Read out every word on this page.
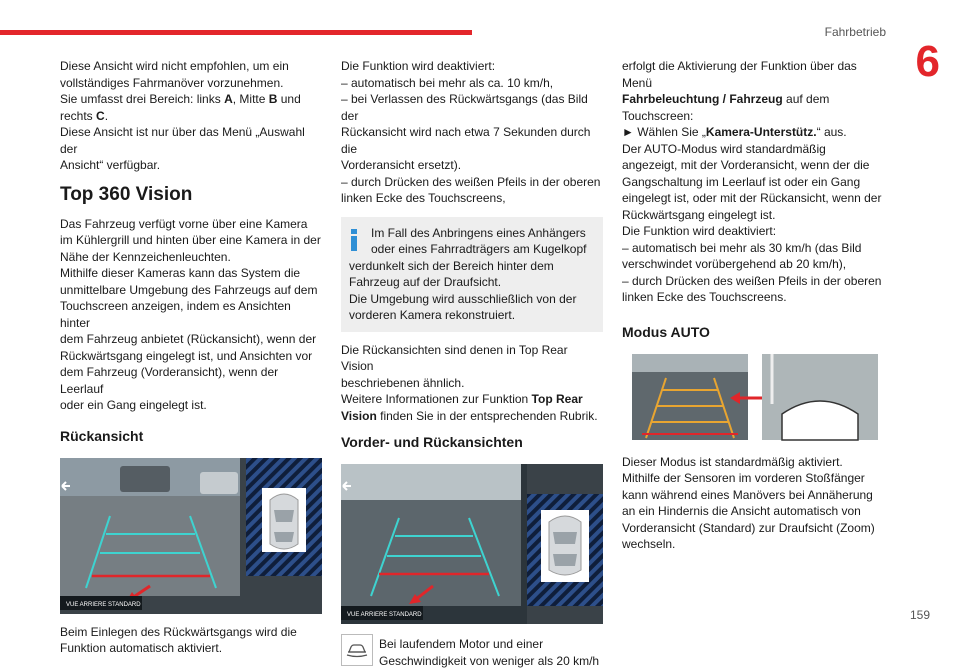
Fahrbetrieb
6
159

Diese Ansicht wird nicht empfohlen, um ein
vollständiges Fahrmanöver vorzunehmen.
Sie umfasst drei Bereich: links A, Mitte B und
rechts C.
Diese Ansicht ist nur über das Menü „Auswahl der
Ansicht“ verfügbar.

Top 360 Vision

Das Fahrzeug verfügt vorne über eine Kamera
im Kühlergrill und hinten über eine Kamera in der
Nähe der Kennzeichenleuchten.
Mithilfe dieser Kameras kann das System die
unmittelbare Umgebung des Fahrzeugs auf dem
Touchscreen anzeigen, indem es Ansichten hinter
dem Fahrzeug anbietet (Rückansicht), wenn der
Rückwärtsgang eingelegt ist, und Ansichten vor
dem Fahrzeug (Vorderansicht), wenn der Leerlauf
oder ein Gang eingelegt ist.

Rückansicht
VUE ARRIERE STANDARD

Beim Einlegen des Rückwärtsgangs wird die
Funktion automatisch aktiviert.

Die Funktion wird deaktiviert:
– automatisch bei mehr als ca. 10 km/h,
– bei Verlassen des Rückwärtsgangs (das Bild der
Rückansicht wird nach etwa 7 Sekunden durch die
Vorderansicht ersetzt).
– durch Drücken des weißen Pfeils in der oberen
linken Ecke des Touchscreens,

Im Fall des Anbringens eines Anhängers
oder eines Fahrradträgers am Kugelkopf
verdunkelt sich der Bereich hinter dem
Fahrzeug auf der Draufsicht.
Die Umgebung wird ausschließlich von der
vorderen Kamera rekonstruiert.

Die Rückansichten sind denen in Top Rear Vision
beschriebenen ähnlich.
Weitere Informationen zur Funktion Top Rear
Vision finden Sie in der entsprechenden Rubrik.

Vorder- und Rückansichten
VUE ARRIERE STANDARD

Bei laufendem Motor und einer
Geschwindigkeit von weniger als 20 km/h

erfolgt die Aktivierung der Funktion über das Menü
Fahrbeleuchtung / Fahrzeug auf dem
Touchscreen:
► Wählen Sie „Kamera-Unterstütz.“ aus.
Der AUTO-Modus wird standardmäßig
angezeigt, mit der Vorderansicht, wenn der die
Gangschaltung im Leerlauf ist oder ein Gang
eingelegt ist, oder mit der Rückansicht, wenn der
Rückwärtsgang eingelegt ist.
Die Funktion wird deaktiviert:
– automatisch bei mehr als 30 km/h (das Bild
verschwindet vorübergehend ab 20 km/h),
– durch Drücken des weißen Pfeils in der oberen
linken Ecke des Touchscreens.

Modus AUTO

Dieser Modus ist standardmäßig aktiviert.
Mithilfe der Sensoren im vorderen Stoßfänger
kann während eines Manövers bei Annäherung
an ein Hindernis die Ansicht automatisch von
Vorderansicht (Standard) zur Draufsicht (Zoom)
wechseln.
